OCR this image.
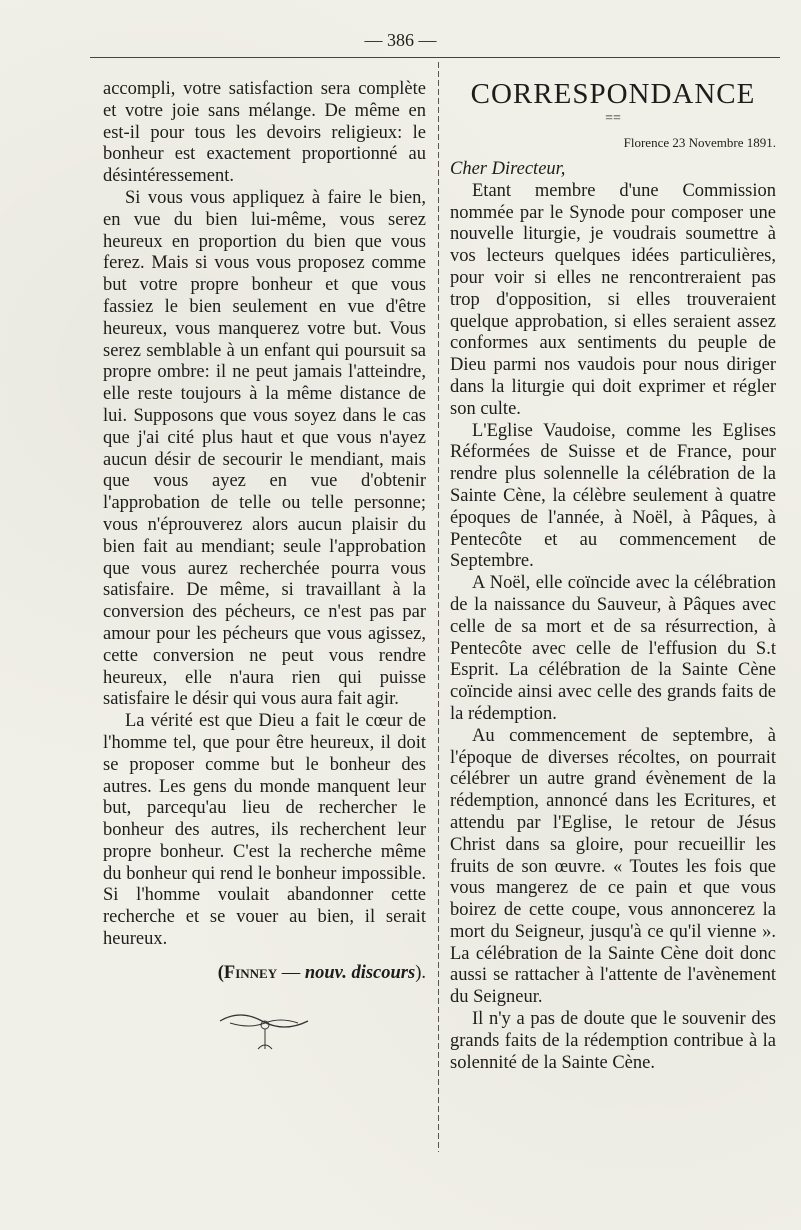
— 386 —

accompli, votre satisfaction sera complète et votre joie sans mélange. De même en est-il pour tous les devoirs religieux: le bonheur est exactement proportionné au désintéressement.

Si vous vous appliquez à faire le bien, en vue du bien lui-même, vous serez heureux en proportion du bien que vous ferez. Mais si vous vous proposez comme but votre propre bonheur et que vous fassiez le bien seulement en vue d'être heureux, vous manquerez votre but. Vous serez semblable à un enfant qui poursuit sa propre ombre: il ne peut jamais l'atteindre, elle reste toujours à la même distance de lui. Supposons que vous soyez dans le cas que j'ai cité plus haut et que vous n'ayez aucun désir de secourir le mendiant, mais que vous ayez en vue d'obtenir l'approbation de telle ou telle personne; vous n'éprouverez alors aucun plaisir du bien fait au mendiant; seule l'approbation que vous aurez recherchée pourra vous satisfaire. De même, si travaillant à la conversion des pécheurs, ce n'est pas par amour pour les pécheurs que vous agissez, cette conversion ne peut vous rendre heureux, elle n'aura rien qui puisse satisfaire le désir qui vous aura fait agir.

La vérité est que Dieu a fait le cœur de l'homme tel, que pour être heureux, il doit se proposer comme but le bonheur des autres. Les gens du monde manquent leur but, parcequ'au lieu de rechercher le bonheur des autres, ils recherchent leur propre bonheur. C'est la recherche même du bonheur qui rend le bonheur impossible. Si l'homme voulait abandonner cette recherche et se vouer au bien, il serait heureux.

(Finney — nouv. discours).
CORRESPONDANCE
==
Florence 23 Novembre 1891.

Cher Directeur,

Etant membre d'une Commission nommée par le Synode pour composer une nouvelle liturgie, je voudrais soumettre à vos lecteurs quelques idées particulières, pour voir si elles ne rencontreraient pas trop d'opposition, si elles trouveraient quelque approbation, si elles seraient assez conformes aux sentiments du peuple de Dieu parmi nos vaudois pour nous diriger dans la liturgie qui doit exprimer et régler son culte.

L'Eglise Vaudoise, comme les Eglises Réformées de Suisse et de France, pour rendre plus solennelle la célébration de la Sainte Cène, la célèbre seulement à quatre époques de l'année, à Noël, à Pâques, à Pentecôte et au commencement de Septembre.

A Noël, elle coïncide avec la célébration de la naissance du Sauveur, à Pâques avec celle de sa mort et de sa résurrection, à Pentecôte avec celle de l'effusion du S.t Esprit. La célébration de la Sainte Cène coïncide ainsi avec celle des grands faits de la rédemption.

Au commencement de septembre, à l'époque de diverses récoltes, on pourrait célébrer un autre grand évènement de la rédemption, annoncé dans les Ecritures, et attendu par l'Eglise, le retour de Jésus Christ dans sa gloire, pour recueillir les fruits de son œuvre. « Toutes les fois que vous mangerez de ce pain et que vous boirez de cette coupe, vous annoncerez la mort du Seigneur, jusqu'à ce qu'il vienne ». La célébration de la Sainte Cène doit donc aussi se rattacher à l'attente de l'avènement du Seigneur.

Il n'y a pas de doute que le souvenir des grands faits de la rédemption contribue à la solennité de la Sainte Cène.
